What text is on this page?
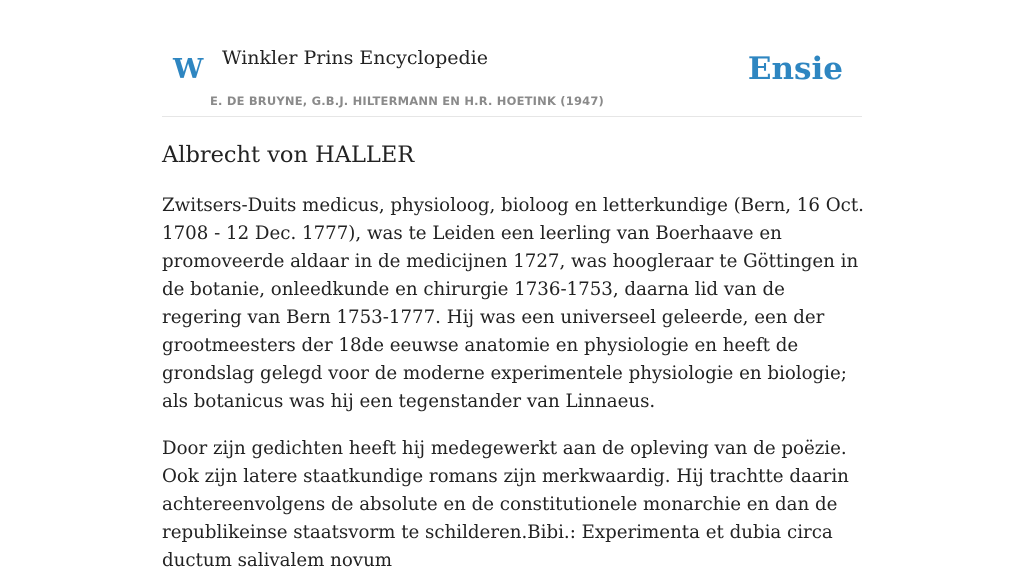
W Winkler Prins Encyclopedie
E. DE BRUYNE, G.B.J. HILTERMANN EN H.R. HOETINK (1947)
Ensie
Albrecht von HALLER

Zwitsers-Duits medicus, physioloog, bioloog en letterkundige (Bern, 16 Oct. 1708 - 12 Dec. 1777), was te Leiden een leerling van Boerhaave en promoveerde aldaar in de medicijnen 1727, was hoogleraar te Göttingen in de botanie, onleedkunde en chirurgie 1736-1753, daarna lid van de regering van Bern 1753-1777. Hij was een universeel geleerde, een der grootmeesters der 18de eeuwse anatomie en physiologie en heeft de grondslag gelegd voor de moderne experimentele physiologie en biologie; als botanicus was hij een tegenstander van Linnaeus.

Door zijn gedichten heeft hij medegewerkt aan de opleving van de poëzie. Ook zijn latere staatkundige romans zijn merkwaardig. Hij trachtte daarin achtereenvolgens de absolute en de constitutionele monarchie en dan de republikeinse staatsvorm te schilderen.Bibi.: Experimenta et dubia circa ductum salivalem novum
